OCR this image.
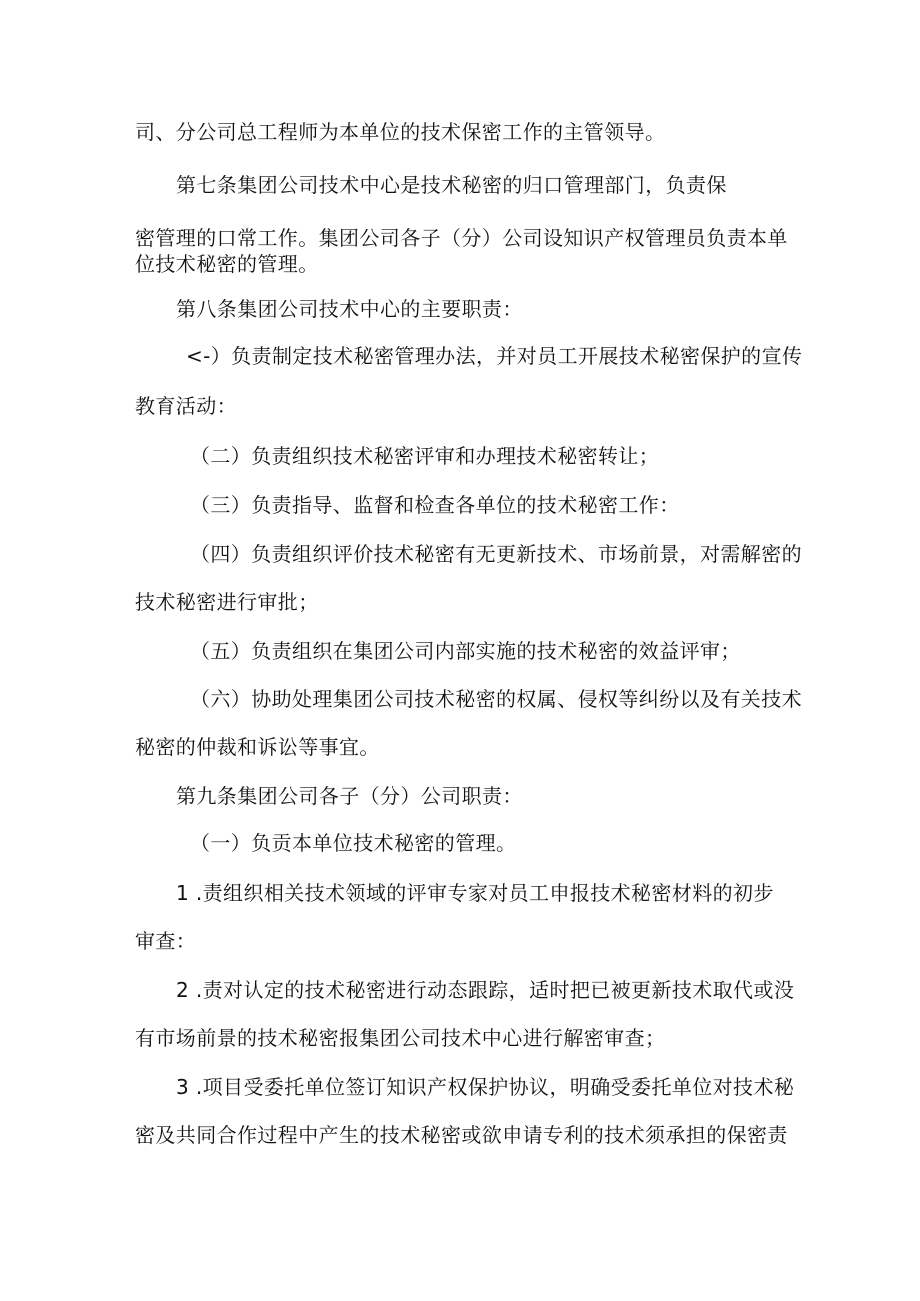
司、分公司总工程师为本单位的技术保密工作的主管领导。
第七条集团公司技术中心是技术秘密的归口管理部门，负责保
密管理的口常工作。集团公司各子（分）公司设知识产权管理员负责本单
位技术秘密的管理。
第八条集团公司技术中心的主要职责：
<-）负责制定技术秘密管理办法，并对员工开展技术秘密保护的宣传
教育活动：
（二）负责组织技术秘密评审和办理技术秘密转让；
（三）负责指导、监督和检查各单位的技术秘密工作：
（四）负责组织评价技术秘密有无更新技术、市场前景，对需解密的
技术秘密进行审批；
（五）负责组织在集团公司内部实施的技术秘密的效益评审；
（六）协助处理集团公司技术秘密的权属、侵权等纠纷以及有关技术
秘密的仲裁和诉讼等事宜。
第九条集团公司各子（分）公司职责：
（一）负贡本单位技术秘密的管理。
1 .责组织相关技术领域的评审专家对员工申报技术秘密材料的初步
审查：
2 .责对认定的技术秘密进行动态跟踪，适时把已被更新技术取代或没
有市场前景的技术秘密报集团公司技术中心进行解密审查；
3 .项目受委托单位签订知识产权保护协议，明确受委托单位对技术秘
密及共同合作过程中产生的技术秘密或欲申请专利的技术须承担的保密责
